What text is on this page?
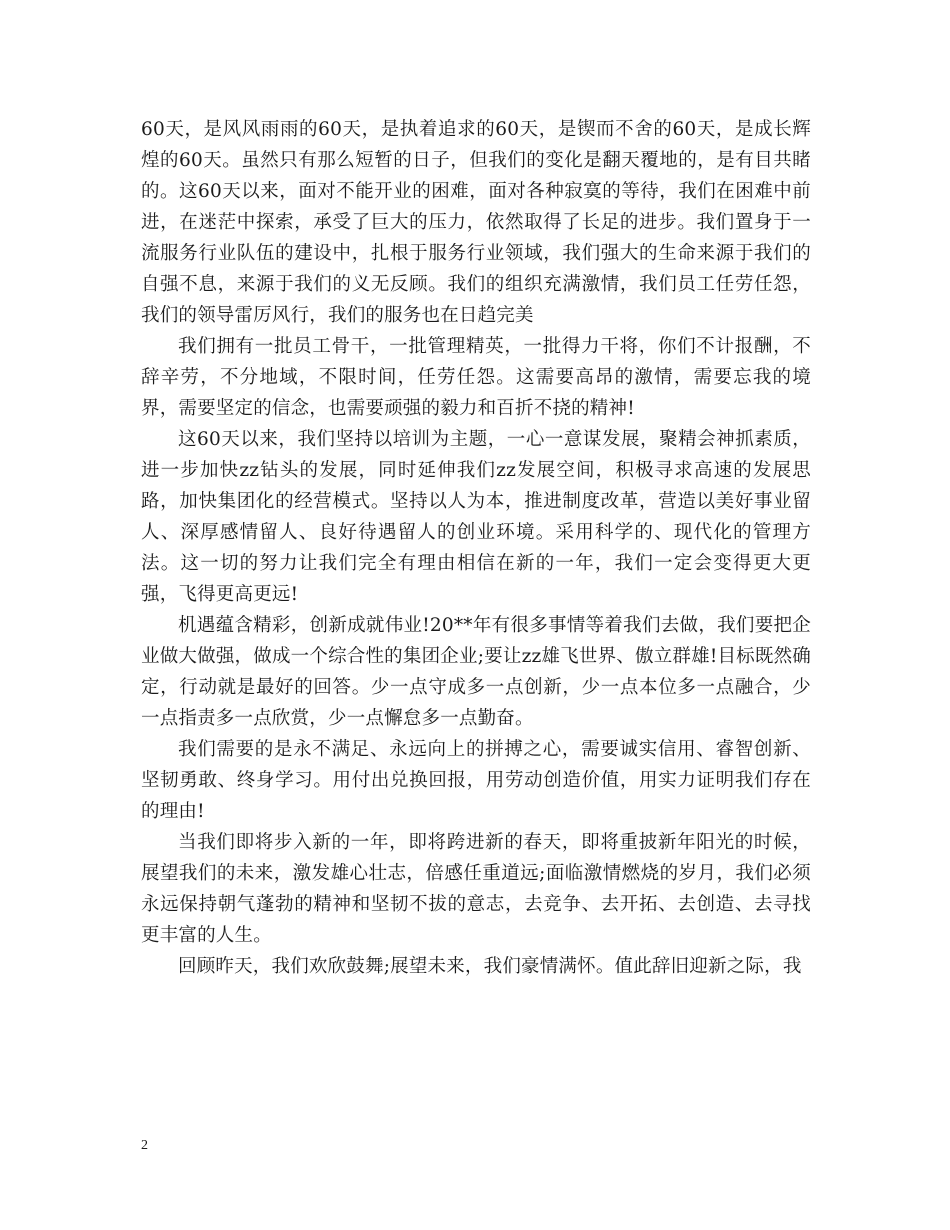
60天，是风风雨雨的60天，是执着追求的60天，是锲而不舍的60天，是成长辉煌的60天。虽然只有那么短暂的日子，但我们的变化是翻天覆地的，是有目共睹的。这60天以来，面对不能开业的困难，面对各种寂寞的等待，我们在困难中前进，在迷茫中探索，承受了巨大的压力，依然取得了长足的进步。我们置身于一流服务行业队伍的建设中，扎根于服务行业领域，我们强大的生命来源于我们的自强不息，来源于我们的义无反顾。我们的组织充满激情，我们员工任劳任怨，我们的领导雷厉风行，我们的服务也在日趋完美

我们拥有一批员工骨干，一批管理精英，一批得力干将，你们不计报酬，不辞辛劳，不分地域，不限时间，任劳任怨。这需要高昂的激情，需要忘我的境界，需要坚定的信念，也需要顽强的毅力和百折不挠的精神!

这60天以来，我们坚持以培训为主题，一心一意谋发展，聚精会神抓素质，进一步加快zz钻头的发展，同时延伸我们zz发展空间，积极寻求高速的发展思路，加快集团化的经营模式。坚持以人为本，推进制度改革，营造以美好事业留人、深厚感情留人、良好待遇留人的创业环境。采用科学的、现代化的管理方法。这一切的努力让我们完全有理由相信在新的一年，我们一定会变得更大更强，飞得更高更远!

机遇蕴含精彩，创新成就伟业!20**年有很多事情等着我们去做，我们要把企业做大做强，做成一个综合性的集团企业;要让zz雄飞世界、傲立群雄!目标既然确定，行动就是最好的回答。少一点守成多一点创新，少一点本位多一点融合，少一点指责多一点欣赏，少一点懈怠多一点勤奋。

我们需要的是永不满足、永远向上的拼搏之心，需要诚实信用、睿智创新、坚韧勇敢、终身学习。用付出兑换回报，用劳动创造价值，用实力证明我们存在的理由!

当我们即将步入新的一年，即将跨进新的春天，即将重披新年阳光的时候，展望我们的未来，激发雄心壮志，倍感任重道远;面临激情燃烧的岁月，我们必须永远保持朝气蓬勃的精神和坚韧不拔的意志，去竞争、去开拓、去创造、去寻找更丰富的人生。

回顾昨天，我们欢欣鼓舞;展望未来，我们豪情满怀。值此辞旧迎新之际，我

2
